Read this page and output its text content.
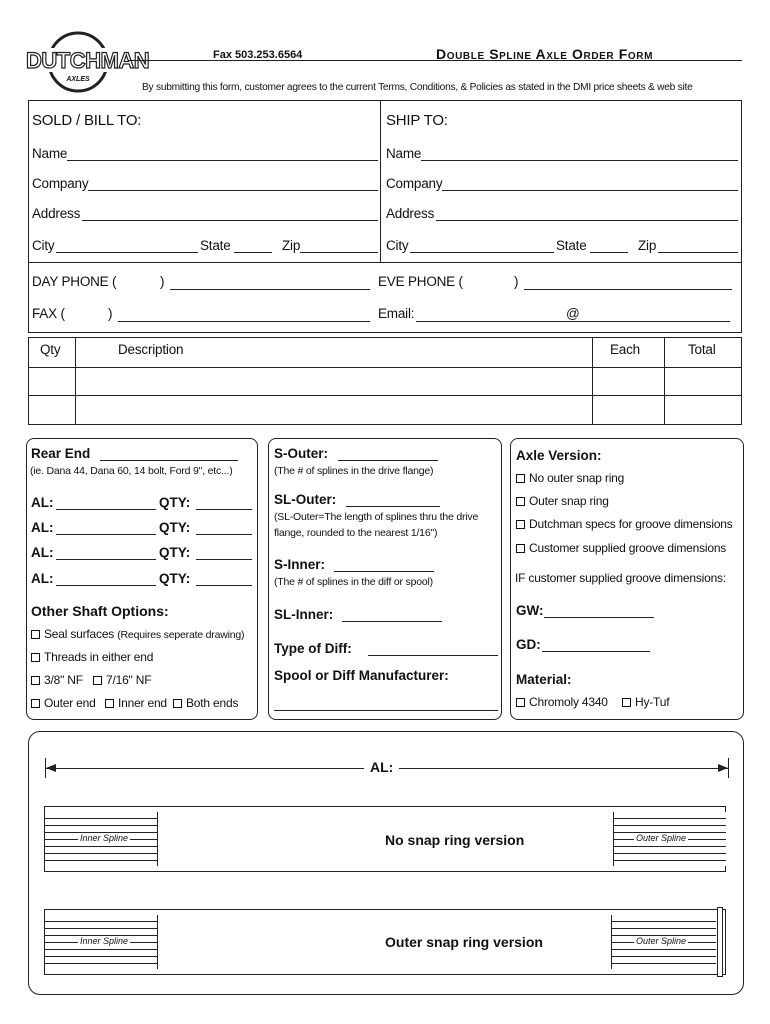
DUTCHMAN
AXLES
Fax 503.253.6564	Double Spline Axle Order Form
By submitting this form, customer agrees to the current Terms, Conditions, & Policies as stated in the DMI price sheets & web site
SOLD / BILL TO:
Name
Company
Address
City	State	Zip
SHIP TO:
Name
Company
Address
City	State	Zip
DAY PHONE (	)	EVE PHONE (	)
FAX (	)	Email:	@
Qty	Description	Each	Total
Rear End
(ie. Dana 44, Dana 60, 14 bolt, Ford 9", etc...)
AL:	QTY:
AL:	QTY:
AL:	QTY:
AL:	QTY:
Other Shaft Options:
Seal surfaces (Requires seperate drawing)
Threads in either end
3/8" NF	7/16" NF
Outer end	Inner end	Both ends
S-Outer:
(The # of splines in the drive flange)
SL-Outer:
(SL-Outer=The length of splines thru the drive
flange, rounded to the nearest 1/16")
S-Inner:
(The # of splines in the diff or spool)
SL-Inner:
Type of Diff:
Spool or Diff Manufacturer:
Axle Version:
No outer snap ring
Outer snap ring
Dutchman specs for groove dimensions
Customer supplied groove dimensions
IF customer supplied groove dimensions:
GW:
GD:
Material:
Chromoly 4340	Hy-Tuf
AL:
Inner Spline	Outer Spline
No snap ring version
Inner Spline	Outer Spline
Outer snap ring version
